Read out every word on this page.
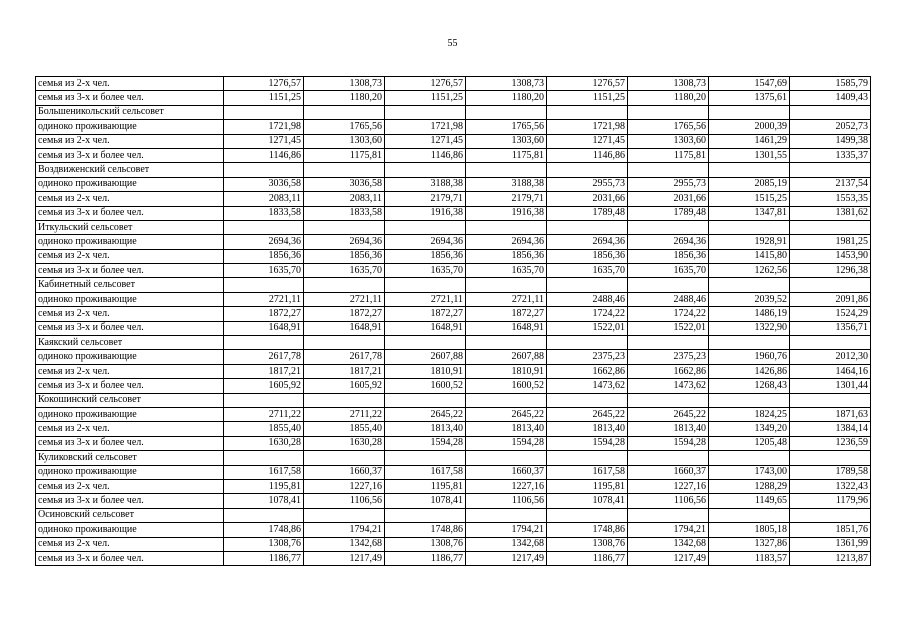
55
семья из 2-х чел.	1276,57	1308,73	1276,57	1308,73	1276,57	1308,73	1547,69	1585,79
семья из 3-х и более чел.	1151,25	1180,20	1151,25	1180,20	1151,25	1180,20	1375,61	1409,43
Большеникольский сельсовет								
одиноко проживающие	1721,98	1765,56	1721,98	1765,56	1721,98	1765,56	2000,39	2052,73
семья из 2-х чел.	1271,45	1303,60	1271,45	1303,60	1271,45	1303,60	1461,29	1499,38
семья из 3-х и более чел.	1146,86	1175,81	1146,86	1175,81	1146,86	1175,81	1301,55	1335,37
Воздвиженский сельсовет								
одиноко проживающие	3036,58	3036,58	3188,38	3188,38	2955,73	2955,73	2085,19	2137,54
семья из 2-х чел.	2083,11	2083,11	2179,71	2179,71	2031,66	2031,66	1515,25	1553,35
семья из 3-х и более чел.	1833,58	1833,58	1916,38	1916,38	1789,48	1789,48	1347,81	1381,62
Иткульский сельсовет								
одиноко проживающие	2694,36	2694,36	2694,36	2694,36	2694,36	2694,36	1928,91	1981,25
семья из 2-х чел.	1856,36	1856,36	1856,36	1856,36	1856,36	1856,36	1415,80	1453,90
семья из 3-х и более чел.	1635,70	1635,70	1635,70	1635,70	1635,70	1635,70	1262,56	1296,38
Кабинетный сельсовет								
одиноко проживающие	2721,11	2721,11	2721,11	2721,11	2488,46	2488,46	2039,52	2091,86
семья из 2-х чел.	1872,27	1872,27	1872,27	1872,27	1724,22	1724,22	1486,19	1524,29
семья из 3-х и более чел.	1648,91	1648,91	1648,91	1648,91	1522,01	1522,01	1322,90	1356,71
Каякский сельсовет								
одиноко проживающие	2617,78	2617,78	2607,88	2607,88	2375,23	2375,23	1960,76	2012,30
семья из 2-х чел.	1817,21	1817,21	1810,91	1810,91	1662,86	1662,86	1426,86	1464,16
семья из 3-х и более чел.	1605,92	1605,92	1600,52	1600,52	1473,62	1473,62	1268,43	1301,44
Кокошинский сельсовет								
одиноко проживающие	2711,22	2711,22	2645,22	2645,22	2645,22	2645,22	1824,25	1871,63
семья из 2-х чел.	1855,40	1855,40	1813,40	1813,40	1813,40	1813,40	1349,20	1384,14
семья из 3-х и более чел.	1630,28	1630,28	1594,28	1594,28	1594,28	1594,28	1205,48	1236,59
Куликовский сельсовет								
одиноко проживающие	1617,58	1660,37	1617,58	1660,37	1617,58	1660,37	1743,00	1789,58
семья из 2-х чел.	1195,81	1227,16	1195,81	1227,16	1195,81	1227,16	1288,29	1322,43
семья из 3-х и более чел.	1078,41	1106,56	1078,41	1106,56	1078,41	1106,56	1149,65	1179,96
Осиновский сельсовет								
одиноко проживающие	1748,86	1794,21	1748,86	1794,21	1748,86	1794,21	1805,18	1851,76
семья из 2-х чел.	1308,76	1342,68	1308,76	1342,68	1308,76	1342,68	1327,86	1361,99
семья из 3-х и более чел.	1186,77	1217,49	1186,77	1217,49	1186,77	1217,49	1183,57	1213,87
